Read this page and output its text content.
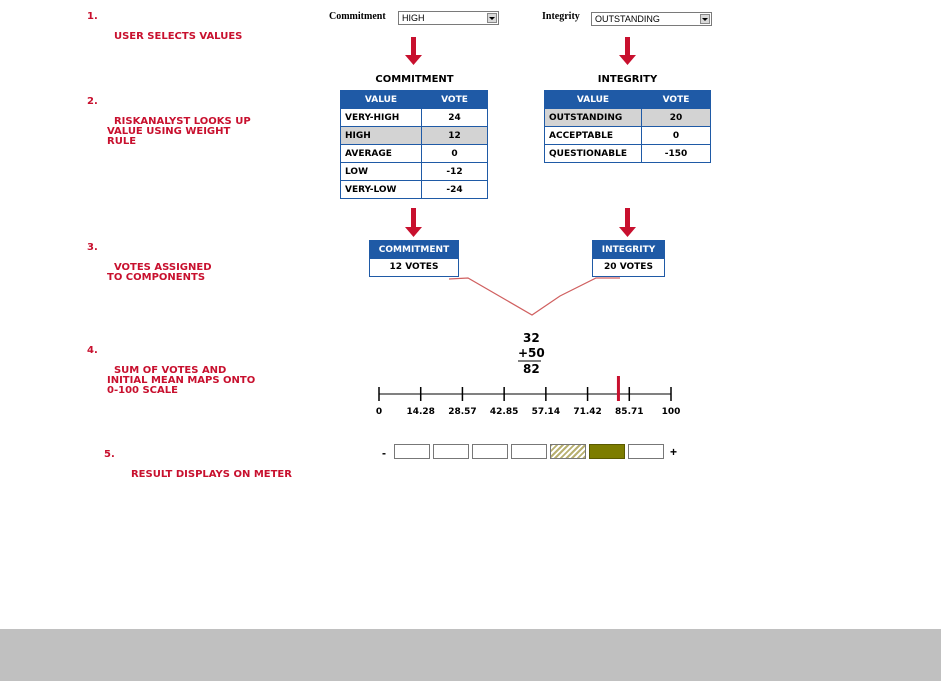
1.

USER SELECTS VALUES

2.

RISKANALYST LOOKS UP
VALUE USING WEIGHT
RULE

3.

VOTES ASSIGNED
TO COMPONENTS

4.

SUM OF VOTES AND
INITIAL MEAN MAPS ONTO
0-100 SCALE

5.

RESULT DISPLAYS ON METER

Commitment	HIGH	Integrity	OUTSTANDING
COMMITMENT
VALUE	VOTE
VERY-HIGH	24
HIGH	12
AVERAGE	0
LOW	-12
VERY-LOW	-24
INTEGRITY
VALUE	VOTE
OUTSTANDING	20
ACCEPTABLE	0
QUESTIONABLE	-150
COMMITMENT
12 VOTES
INTEGRITY
20 VOTES
32
+50
82
0	14.28 28.57 42.85 57.14 71.42 85.71 100
-	+
